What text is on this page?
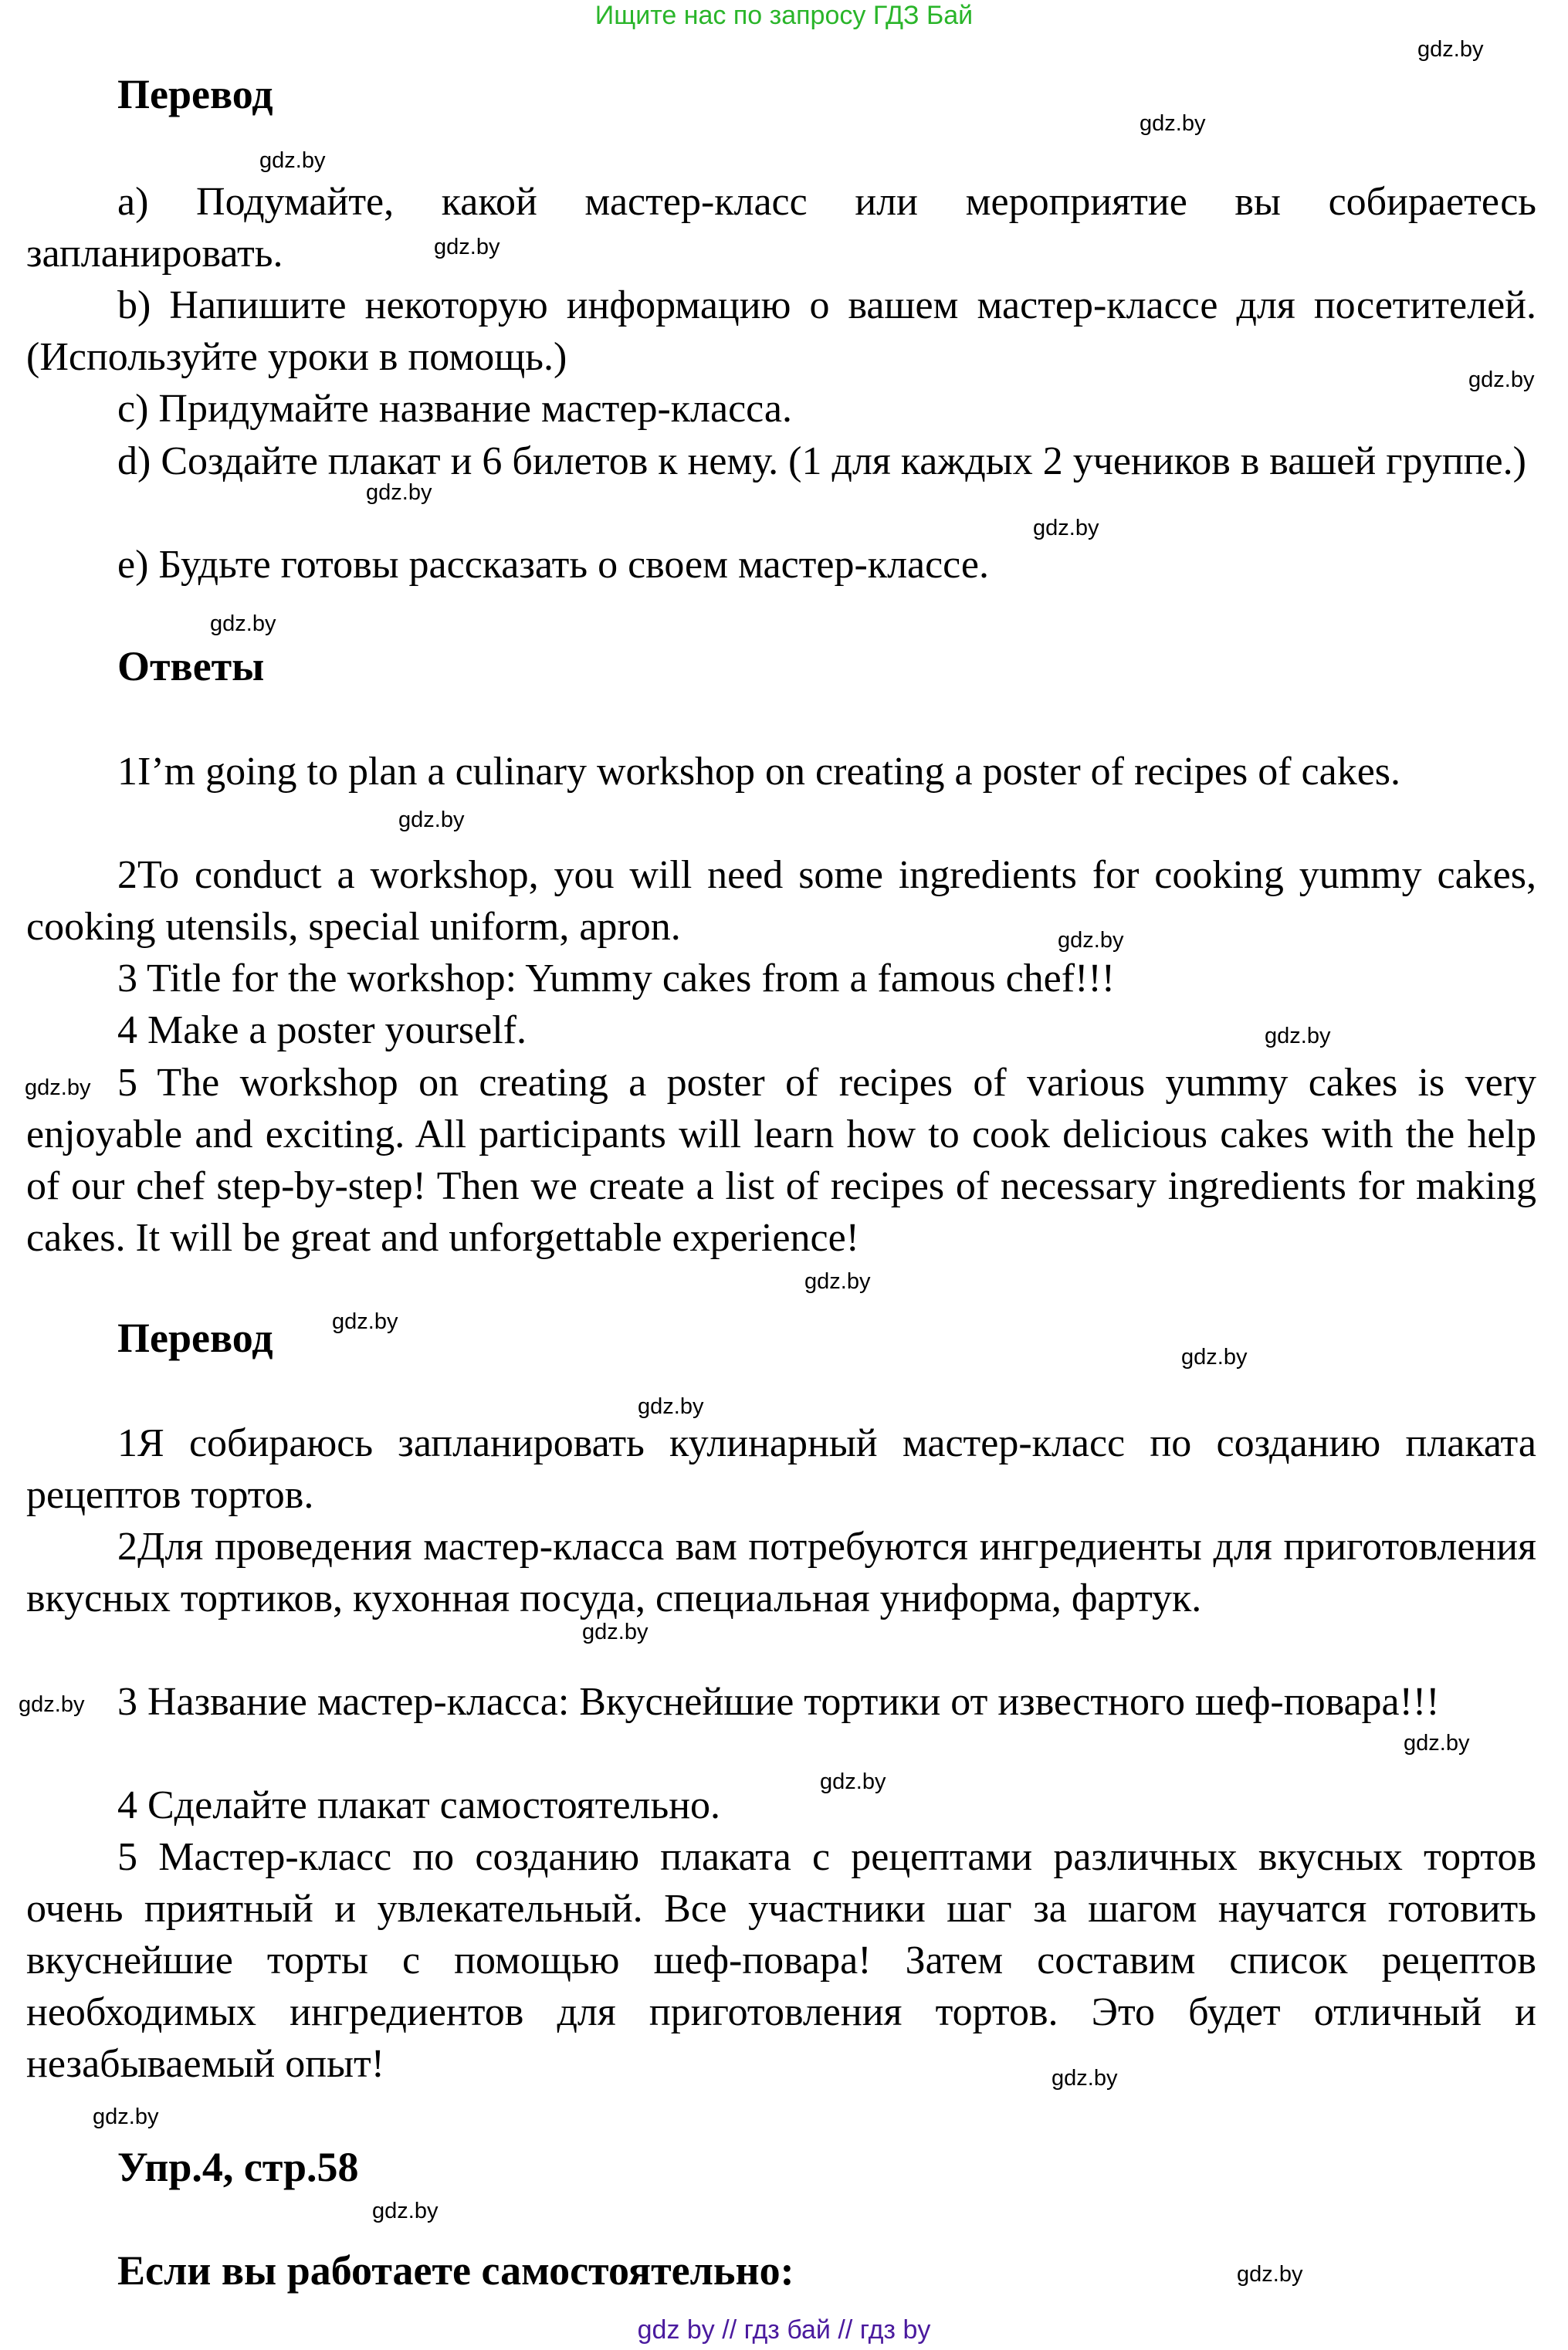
Ищите нас по запросу ГДЗ Бай
Перевод

а) Подумайте, какой мастер-класс или мероприятие вы собираетесь запланировать.

b) Напишите некоторую информацию о вашем мастер-классе для посетителей. (Используйте уроки в помощь.)

с) Придумайте название мастер-класса.

d) Создайте плакат и 6 билетов к нему. (1 для каждых 2 учеников в вашей группе.)

е) Будьте готовы рассказать о своем мастер-классе.

Ответы

1I’m going to plan a culinary workshop on creating a poster of recipes of cakes.

2To conduct a workshop, you will need some ingredients for cooking yummy cakes, cooking utensils, special uniform, apron.

3 Title for the workshop: Yummy cakes from a famous chef!!!

4 Make a poster yourself.

5 The workshop on creating a poster of recipes of various yummy cakes is very enjoyable and exciting. All participants will learn how to cook delicious cakes with the help of our chef step-by-step! Then we create a list of recipes of necessary ingredients for making cakes. It will be great and unforgettable experience!

Перевод

1Я собираюсь запланировать кулинарный мастер-класс по созданию плаката рецептов тортов.

2Для проведения мастер-класса вам потребуются ингредиенты для приготовления вкусных тортиков, кухонная посуда, специальная униформа, фартук.

3 Название мастер-класса: Вкуснейшие тортики от известного шеф-повара!!!

4 Сделайте плакат самостоятельно.

5 Мастер-класс по созданию плаката с рецептами различных вкусных тортов очень приятный и увлекательный. Все участники шаг за шагом научатся готовить вкуснейшие торты с помощью шеф-повара! Затем составим список рецептов необходимых ингредиентов для приготовления тортов. Это будет отличный и незабываемый опыт!

Упр.4, стр.58
Если вы работаете самостоятельно:
gdz.by
gdz.by
gdz.by
gdz.by
gdz.by
gdz.by
gdz.by
gdz.by
gdz.by
gdz.by
gdz.by
gdz.by
gdz.by
gdz.by
gdz.by
gdz.by
gdz.by
gdz.by
gdz.by
gdz.by
gdz.by
gdz.by
gdz.by
gdz.by
gdz by // гдз бай // гдз by
